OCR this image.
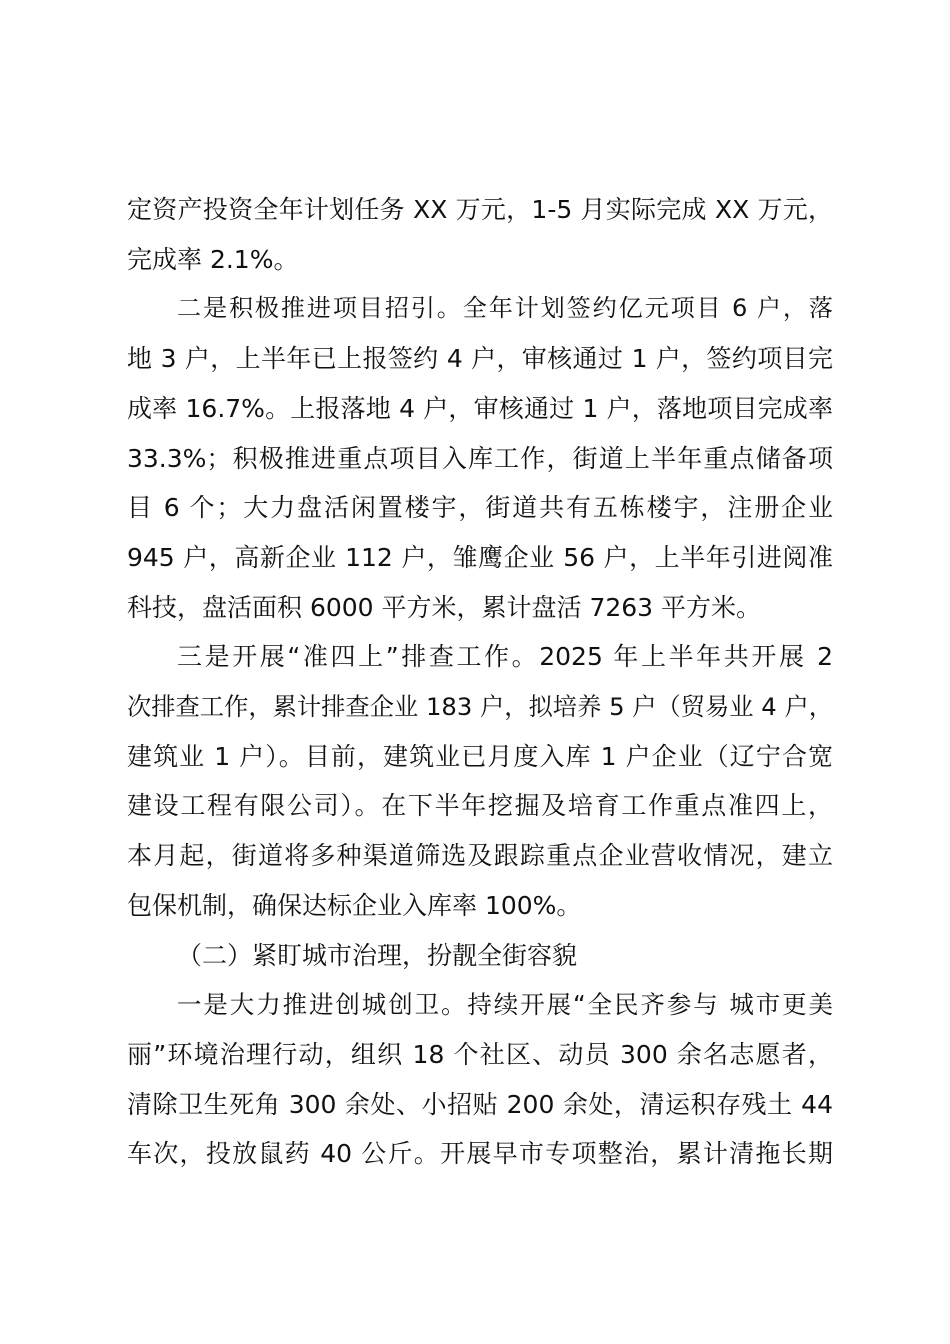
定资产投资全年计划任务 XX 万元，1-5 月实际完成 XX 万元，
完成率 2.1%。
二是积极推进项目招引。全年计划签约亿元项目 6 户，落
地 3 户，上半年已上报签约 4 户，审核通过 1 户，签约项目完
成率 16.7%。上报落地 4 户，审核通过 1 户，落地项目完成率
33.3%；积极推进重点项目入库工作，街道上半年重点储备项
目 6 个；大力盘活闲置楼宇，街道共有五栋楼宇，注册企业
945 户，高新企业 112 户，雏鹰企业 56 户，上半年引进阅准
科技，盘活面积 6000 平方米，累计盘活 7263 平方米。
三是开展“准四上”排查工作。2025 年上半年共开展 2
次排查工作，累计排查企业 183 户，拟培养 5 户（贸易业 4 户，
建筑业 1 户）。目前，建筑业已月度入库 1 户企业（辽宁合宽
建设工程有限公司）。在下半年挖掘及培育工作重点准四上，
本月起，街道将多种渠道筛选及跟踪重点企业营收情况，建立
包保机制，确保达标企业入库率 100%。
（二）紧盯城市治理，扮靓全街容貌
一是大力推进创城创卫。持续开展“全民齐参与 城市更美
丽”环境治理行动，组织 18 个社区、动员 300 余名志愿者，
清除卫生死角 300 余处、小招贴 200 余处，清运积存残土 44
车次，投放鼠药 40 公斤。开展早市专项整治，累计清拖长期
